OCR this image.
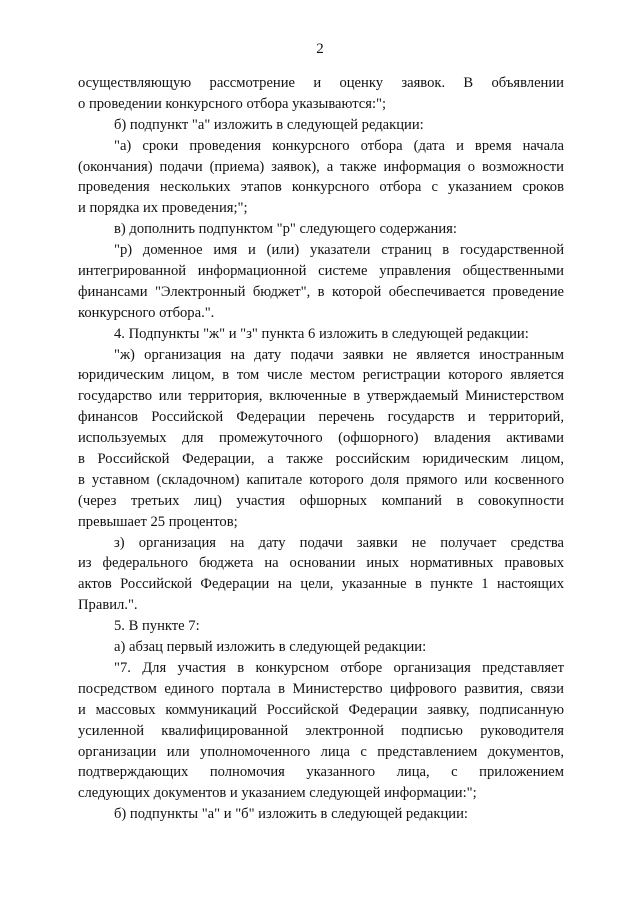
2
осуществляющую рассмотрение и оценку заявок. В объявлении
о проведении конкурсного отбора указываются:";
б) подпункт "а" изложить в следующей редакции:
"а) сроки проведения конкурсного отбора (дата и время начала
(окончания) подачи (приема) заявок), а также информация о возможности
проведения нескольких этапов конкурсного отбора с указанием сроков
и порядка их проведения;";
в) дополнить подпунктом "р" следующего содержания:
"р) доменное имя и (или) указатели страниц в государственной
интегрированной информационной системе управления общественными
финансами "Электронный бюджет", в которой обеспечивается проведение
конкурсного отбора.".
4. Подпункты "ж" и "з" пункта 6 изложить в следующей редакции:
"ж) организация на дату подачи заявки не является иностранным
юридическим лицом, в том числе местом регистрации которого является
государство или территория, включенные в утверждаемый Министерством
финансов Российской Федерации перечень государств и территорий,
используемых для промежуточного (офшорного) владения активами
в Российской Федерации, а также российским юридическим лицом,
в уставном (складочном) капитале которого доля прямого или косвенного
(через третьих лиц) участия офшорных компаний в совокупности
превышает 25 процентов;
з) организация на дату подачи заявки не получает средства
из федерального бюджета на основании иных нормативных правовых
актов Российской Федерации на цели, указанные в пункте 1 настоящих
Правил.".
5. В пункте 7:
а) абзац первый изложить в следующей редакции:
"7. Для участия в конкурсном отборе организация представляет
посредством единого портала в Министерство цифрового развития, связи
и массовых коммуникаций Российской Федерации заявку, подписанную
усиленной квалифицированной электронной подписью руководителя
организации или уполномоченного лица с представлением документов,
подтверждающих полномочия указанного лица, с приложением
следующих документов и указанием следующей информации:";
б) подпункты "а" и "б" изложить в следующей редакции:
